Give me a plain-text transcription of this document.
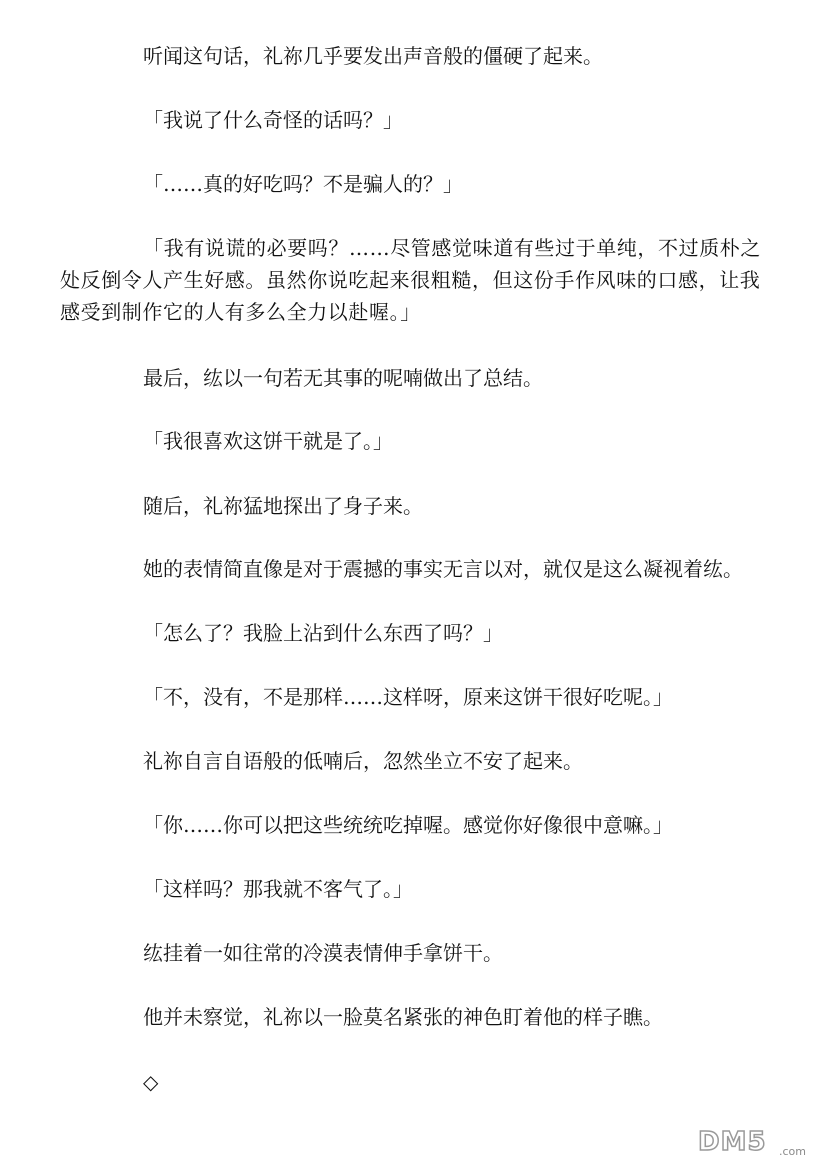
听闻这句话，礼祢几乎要发出声音般的僵硬了起来。

「我说了什么奇怪的话吗？」

「……真的好吃吗？不是骗人的？」

「我有说谎的必要吗？……尽管感觉味道有些过于单纯，不过质朴之处反倒令人产生好感。虽然你说吃起来很粗糙，但这份手作风味的口感，让我感受到制作它的人有多么全力以赴喔。」

最后，纮以一句若无其事的呢喃做出了总结。

「我很喜欢这饼干就是了。」

随后，礼祢猛地探出了身子来。

她的表情简直像是对于震撼的事实无言以对，就仅是这么凝视着纮。

「怎么了？我脸上沾到什么东西了吗？」

「不，没有，不是那样……这样呀，原来这饼干很好吃呢。」

礼祢自言自语般的低喃后，忽然坐立不安了起来。

「你……你可以把这些统统吃掉喔。感觉你好像很中意嘛。」

「这样吗？那我就不客气了。」

纮挂着一如往常的冷漠表情伸手拿饼干。

他并未察觉，礼祢以一脸莫名紧张的神色盯着他的样子瞧。

◇
DM5 .com
